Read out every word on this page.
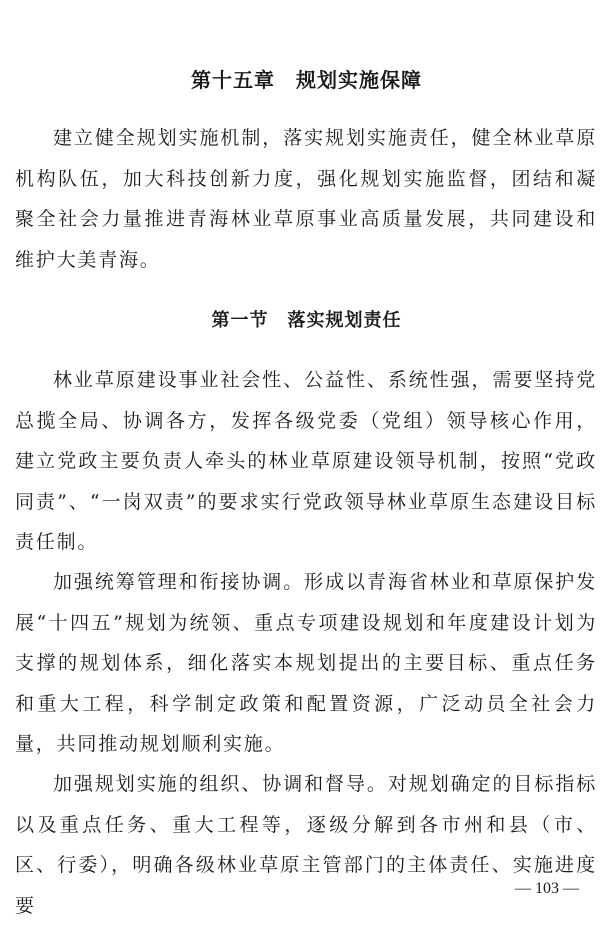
第十五章　规划实施保障

建立健全规划实施机制，落实规划实施责任，健全林业草原机构队伍，加大科技创新力度，强化规划实施监督，团结和凝聚全社会力量推进青海林业草原事业高质量发展，共同建设和维护大美青海。

第一节　落实规划责任

林业草原建设事业社会性、公益性、系统性强，需要坚持党总揽全局、协调各方，发挥各级党委（党组）领导核心作用，建立党政主要负责人牵头的林业草原建设领导机制，按照“党政同责”、“一岗双责”的要求实行党政领导林业草原生态建设目标责任制。

加强统筹管理和衔接协调。形成以青海省林业和草原保护发展“十四五”规划为统领、重点专项建设规划和年度建设计划为支撑的规划体系，细化落实本规划提出的主要目标、重点任务和重大工程，科学制定政策和配置资源，广泛动员全社会力量，共同推动规划顺利实施。

加强规划实施的组织、协调和督导。对规划确定的目标指标以及重点任务、重大工程等，逐级分解到各市州和县（市、区、行委），明确各级林业草原主管部门的主体责任、实施进度要

— 103 —
